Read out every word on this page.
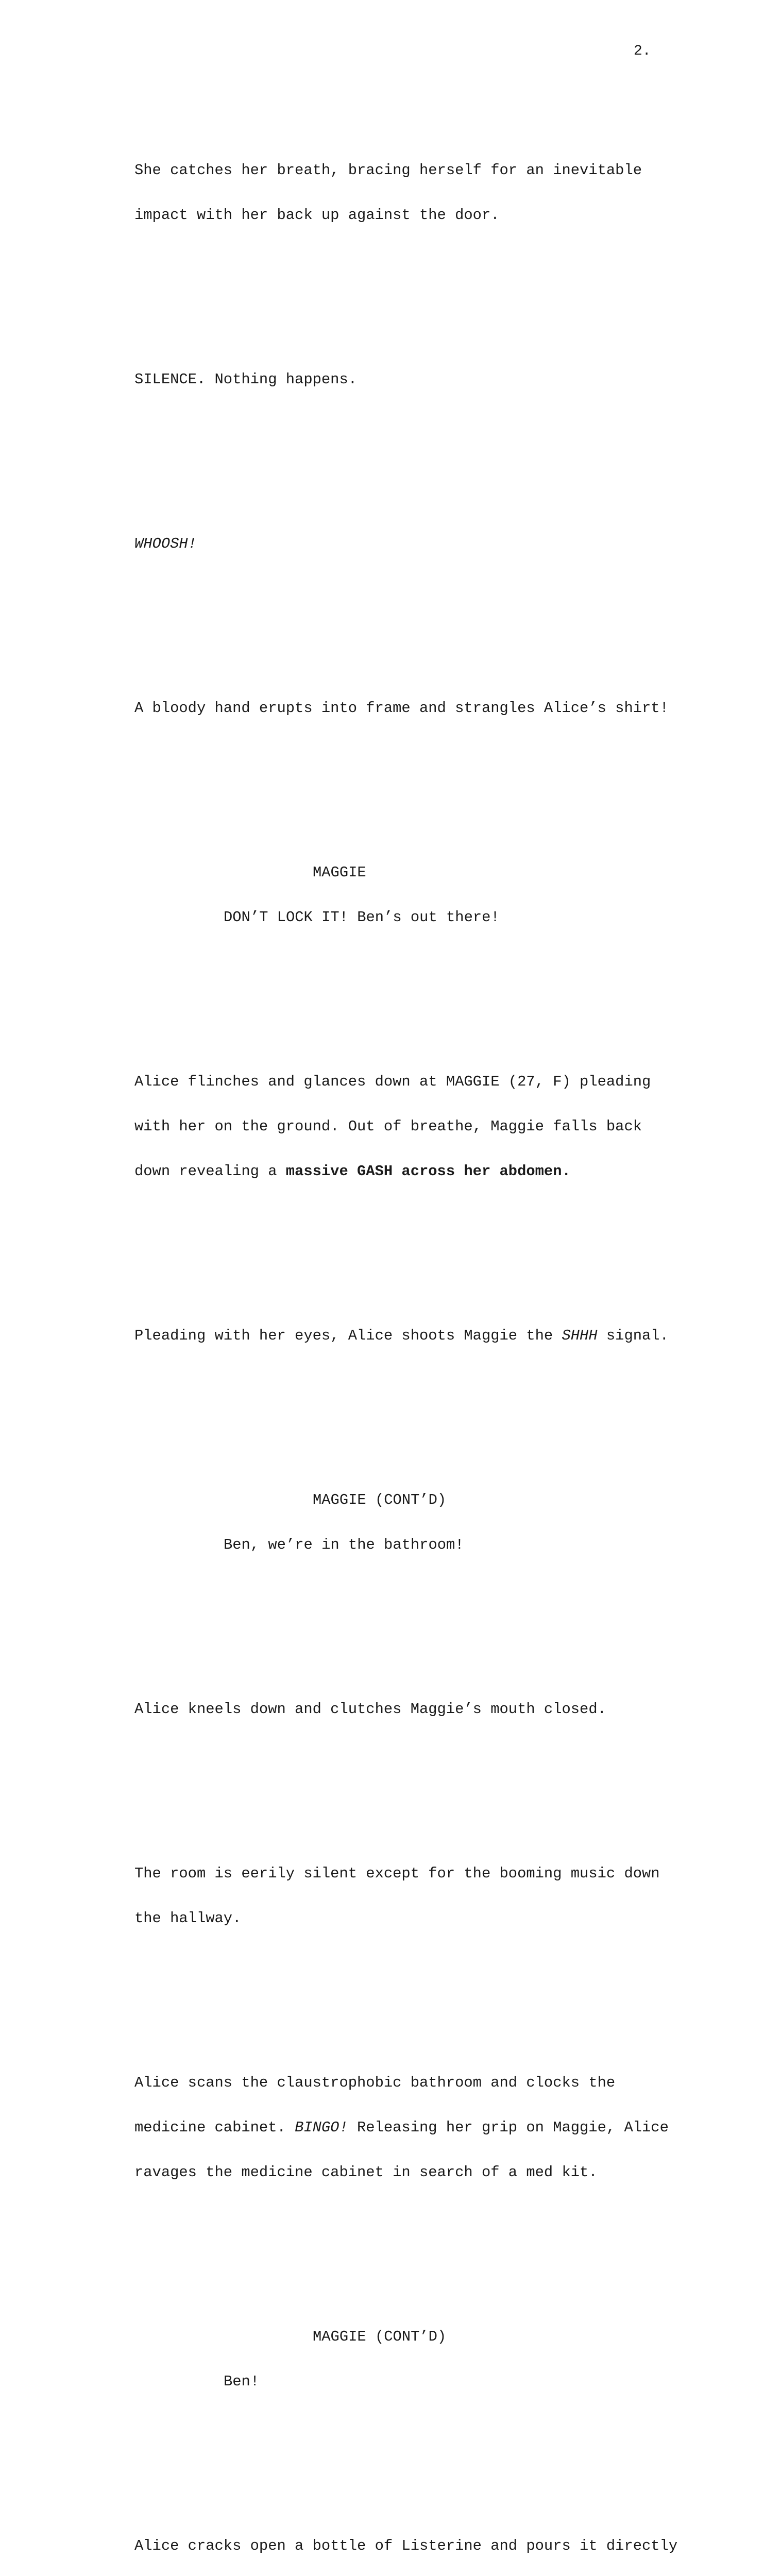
2.

She catches her breath, bracing herself for an inevitable

impact with her back up against the door.

SILENCE. Nothing happens.

WHOOSH!

A bloody hand erupts into frame and strangles Alice’s shirt!

MAGGIE

DON’T LOCK IT! Ben’s out there!

Alice flinches and glances down at MAGGIE (27, F) pleading

with her on the ground. Out of breathe, Maggie falls back

down revealing a massive GASH across her abdomen.

Pleading with her eyes, Alice shoots Maggie the SHHH signal.

MAGGIE (CONT’D)

Ben, we’re in the bathroom!

Alice kneels down and clutches Maggie’s mouth closed.

The room is eerily silent except for the booming music down

the hallway.

Alice scans the claustrophobic bathroom and clocks the

medicine cabinet. BINGO! Releasing her grip on Maggie, Alice

ravages the medicine cabinet in search of a med kit.

MAGGIE (CONT’D)

Ben!

Alice cracks open a bottle of Listerine and pours it directly
